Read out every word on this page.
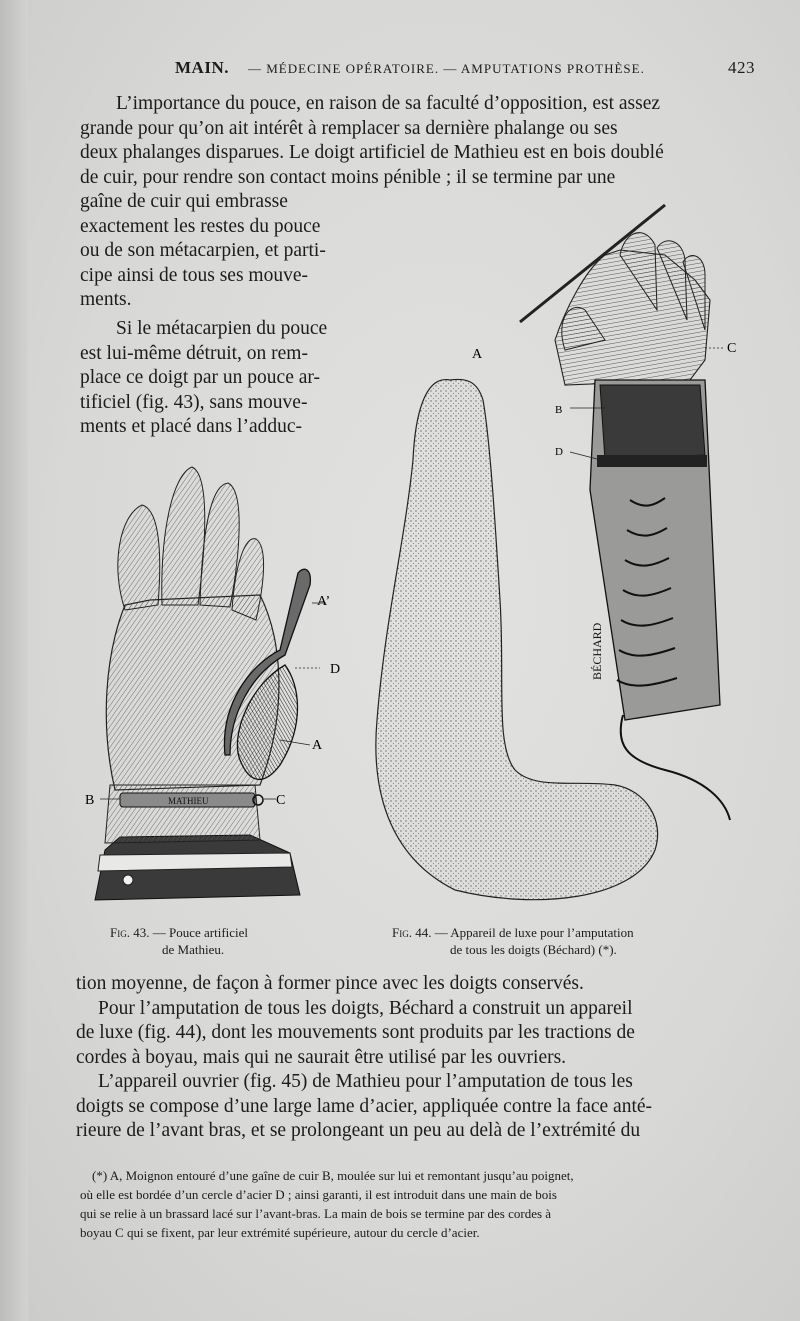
MAIN. — MÉDECINE OPÉRATOIRE. — AMPUTATIONS PROTHÈSE.	423
L’importance du pouce, en raison de sa faculté d’opposition, est assez
grande pour qu’on ait intérêt à remplacer sa dernière phalange ou ses
deux phalanges disparues. Le doigt artificiel de Mathieu est en bois doublé
de cuir, pour rendre son contact moins pénible ; il se termine par une
gaîne de cuir qui embrasse
exactement les restes du pouce
ou de son métacarpien, et parti-
cipe ainsi de tous ses mouve-
ments.
Si le métacarpien du pouce
est lui-même détruit, on rem-
place ce doigt par un pouce ar-
tificiel (fig. 43), sans mouve-
ments et placé dans l’adduc-
MATHIEU
A’
D
A
B	C
BÉCHARD
A	C
B
D
Fig. 43. — Pouce artificiel
de Mathieu.
Fig. 44. — Appareil de luxe pour l’amputation
de tous les doigts (Béchard) (*).
tion moyenne, de façon à former pince avec les doigts conservés.
Pour l’amputation de tous les doigts, Béchard a construit un appareil
de luxe (fig. 44), dont les mouvements sont produits par les tractions de
cordes à boyau, mais qui ne saurait être utilisé par les ouvriers.
L’appareil ouvrier (fig. 45) de Mathieu pour l’amputation de tous les
doigts se compose d’une large lame d’acier, appliquée contre la face anté-
rieure de l’avant bras, et se prolongeant un peu au delà de l’extrémité du
(*) A, Moignon entouré d’une gaîne de cuir B, moulée sur lui et remontant jusqu’au poignet,
où elle est bordée d’un cercle d’acier D ; ainsi garanti, il est introduit dans une main de bois
qui se relie à un brassard lacé sur l’avant-bras. La main de bois se termine par des cordes à
boyau C qui se fixent, par leur extrémité supérieure, autour du cercle d’acier.
